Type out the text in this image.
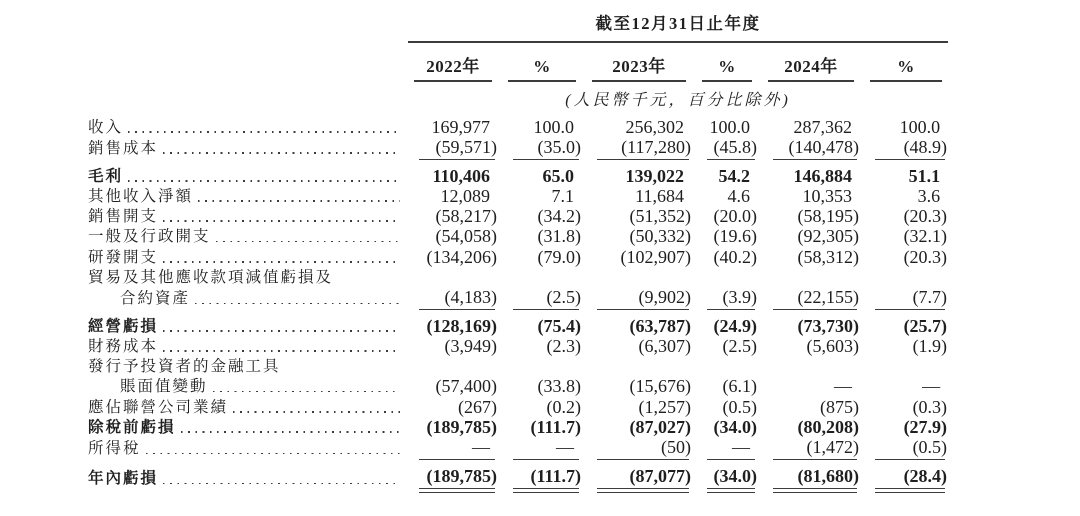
	截至12月31日止年度					

	2022年	%	2023年	%	2024年	%

	(人民幣千元，百分比除外)					

收入	169,977	100.0	256,302	100.0	287,362	100.0

銷售成本	(59,571)	(35.0)	(117,280)	(45.8)	(140,478)	(48.9)

毛利	110,406	65.0	139,022	54.2	146,884	51.1

其他收入淨額	12,089	7.1	11,684	4.6	10,353	3.6

銷售開支	(58,217)	(34.2)	(51,352)	(20.0)	(58,195)	(20.3)

一般及行政開支	(54,058)	(31.8)	(50,332)	(19.6)	(92,305)	(32.1)

研發開支	(134,206)	(79.0)	(102,907)	(40.2)	(58,312)	(20.3)

貿易及其他應收款項減值虧損及						

合約資產	(4,183)	(2.5)	(9,902)	(3.9)	(22,155)	(7.7)

經營虧損	(128,169)	(75.4)	(63,787)	(24.9)	(73,730)	(25.7)

財務成本	(3,949)	(2.3)	(6,307)	(2.5)	(5,603)	(1.9)

發行予投資者的金融工具						

賬面值變動	(57,400)	(33.8)	(15,676)	(6.1)	—	—

應佔聯營公司業績	(267)	(0.2)	(1,257)	(0.5)	(875)	(0.3)

除稅前虧損	(189,785)	(111.7)	(87,027)	(34.0)	(80,208)	(27.9)

所得稅	—	—	(50)	—	(1,472)	(0.5)

年內虧損	(189,785)	(111.7)	(87,077)	(34.0)	(81,680)	(28.4)
